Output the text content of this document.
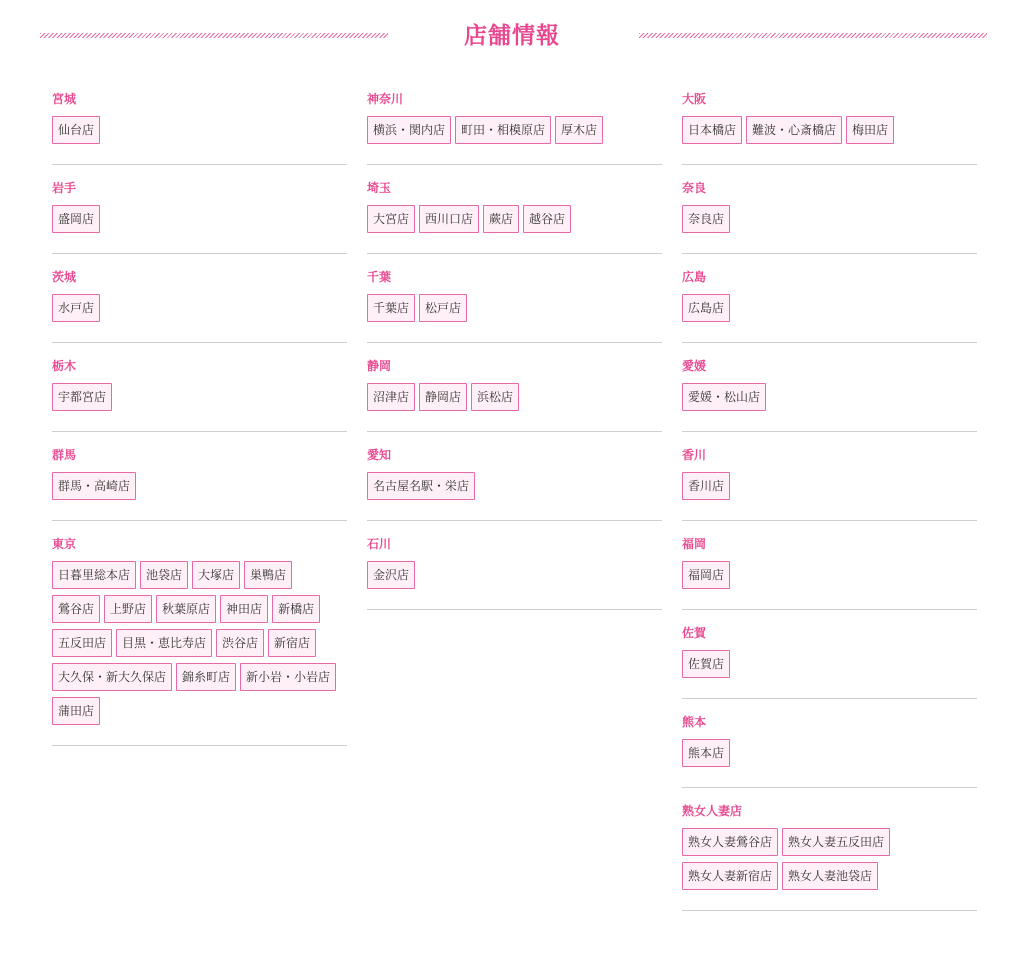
店舗情報
宮城
仙台店
岩手
盛岡店
茨城
水戸店
栃木
宇都宮店
群馬
群馬・高崎店
東京
日暮里総本店	池袋店	大塚店	巣鴨店
鶯谷店	上野店	秋葉原店	神田店	新橋店
五反田店	目黒・恵比寿店	渋谷店	新宿店
大久保・新大久保店	錦糸町店	新小岩・小岩店
蒲田店
神奈川
横浜・関内店	町田・相模原店	厚木店
埼玉
大宮店	西川口店	蕨店	越谷店
千葉
千葉店	松戸店
静岡
沼津店	静岡店	浜松店
愛知
名古屋名駅・栄店
石川
金沢店
大阪
日本橋店	難波・心斎橋店	梅田店
奈良
奈良店
広島
広島店
愛媛
愛媛・松山店
香川
香川店
福岡
福岡店
佐賀
佐賀店
熊本
熊本店
熟女人妻店
熟女人妻鶯谷店	熟女人妻五反田店
熟女人妻新宿店	熟女人妻池袋店
